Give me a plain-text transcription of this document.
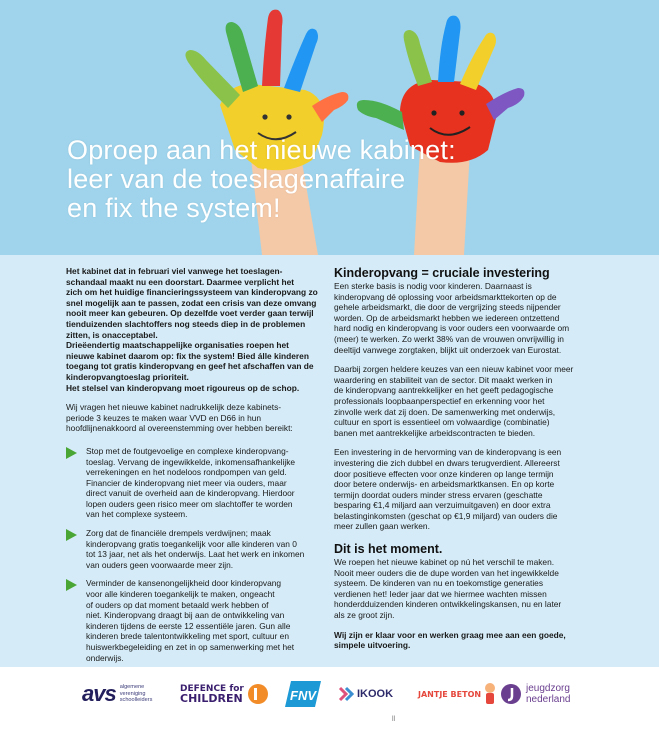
Oproep aan het nieuwe kabinet:
leer van de toeslagenaffaire
en fix the system!

Het kabinet dat in februari viel vanwege het toeslagen-

schandaal maakt nu een doorstart. Daarmee verplicht het

zich om het huidige financieringssysteem van kinderopvang zo

snel mogelijk aan te passen, zodat een crisis van deze omvang

nooit meer kan gebeuren. Op dezelfde voet verder gaan terwijl

tienduizenden slachtoffers nog steeds diep in de problemen

zitten, is onacceptabel.

Drieëendertig maatschappelijke organisaties roepen het

nieuwe kabinet daarom op: fix the system! Bied álle kinderen

toegang tot gratis kinderopvang en geef het afschaffen van de

kinderopvangtoeslag prioriteit.

Het stelsel van kinderopvang moet rigoureus op de schop.

Wij vragen het nieuwe kabinet nadrukkelijk deze kabinets-

periode 3 keuzes te maken waar VVD en D66 in hun

hoofdlijnenakkoord al overeenstemming over hebben bereikt:

Stop met de foutgevoelige en complexe kinderopvang-

toeslag. Vervang de ingewikkelde, inkomensafhankelijke

verrekeningen en het nodeloos rondpompen van geld.

Financier de kinderopvang niet meer via ouders, maar

direct vanuit de overheid aan de kinderopvang. Hierdoor

lopen ouders geen risico meer om slachtoffer te worden

van het complexe systeem.

Zorg dat de financiële drempels verdwijnen; maak

kinderopvang gratis toegankelijk voor alle kinderen van 0

tot 13 jaar, net als het onderwijs. Laat het werk en inkomen

van ouders geen voorwaarde meer zijn.

Verminder de kansenongelijkheid door kinderopvang

voor alle kinderen toegankelijk te maken, ongeacht

of ouders op dat moment betaald werk hebben of

niet. Kinderopvang draagt bij aan de ontwikkeling van

kinderen tijdens de eerste 12 essentiële jaren. Gun alle

kinderen brede talentontwikkeling met sport, cultuur en

huiswerkbegeleiding en zet in op samenwerking met het

onderwijs.

Kinderopvang = cruciale investering

Een sterke basis is nodig voor kinderen. Daarnaast is

kinderopvang dé oplossing voor arbeidsmarkttekorten op de

gehele arbeidsmarkt, die door de vergrijzing steeds nijpender

worden. Op de arbeidsmarkt hebben we iedereen ontzettend

hard nodig en kinderopvang is voor ouders een voorwaarde om

(meer) te werken. Zo werkt 38% van de vrouwen onvrijwillig in

deeltijd vanwege zorgtaken, blijkt uit onderzoek van Eurostat.

Daarbij zorgen heldere keuzes van een nieuw kabinet voor meer

waardering en stabiliteit van de sector. Dit maakt werken in

de kinderopvang aantrekkelijker en het geeft pedagogische

professionals loopbaanperspectief en erkenning voor het

zinvolle werk dat zij doen. De samenwerking met onderwijs,

cultuur en sport is essentieel om volwaardige (combinatie)

banen met aantrekkelijke arbeidscontracten te bieden.

Een investering in de hervorming van de kinderopvang is een

investering die zich dubbel en dwars terugverdient. Allereerst

door positieve effecten voor onze kinderen op lange termijn

door betere onderwijs- en arbeidsmarktkansen. En op korte

termijn doordat ouders minder stress ervaren (geschatte

besparing €1,4 miljard aan verzuimuitgaven) en door extra

belastinginkomsten (geschat op €1,9 miljard) van ouders die

meer zullen gaan werken.

Dit is het moment.

We roepen het nieuwe kabinet op nú het verschil te maken.

Nooit meer ouders die de dupe worden van het ingewikkelde

systeem. De kinderen van nu en toekomstige generaties

verdienen het! Ieder jaar dat we hiermee wachten missen

honderdduizenden kinderen ontwikkelingskansen, nu en later

als ze groot zijn.

Wij zijn er klaar voor en werken graag mee aan een goede,

simpele uitvoering.

avs algemene
vereniging
schoolleiders
DEFENCE for
CHILDREN	FNV	IKOOK	JANTJE BETON	jeugdzorg
nederland
ll
